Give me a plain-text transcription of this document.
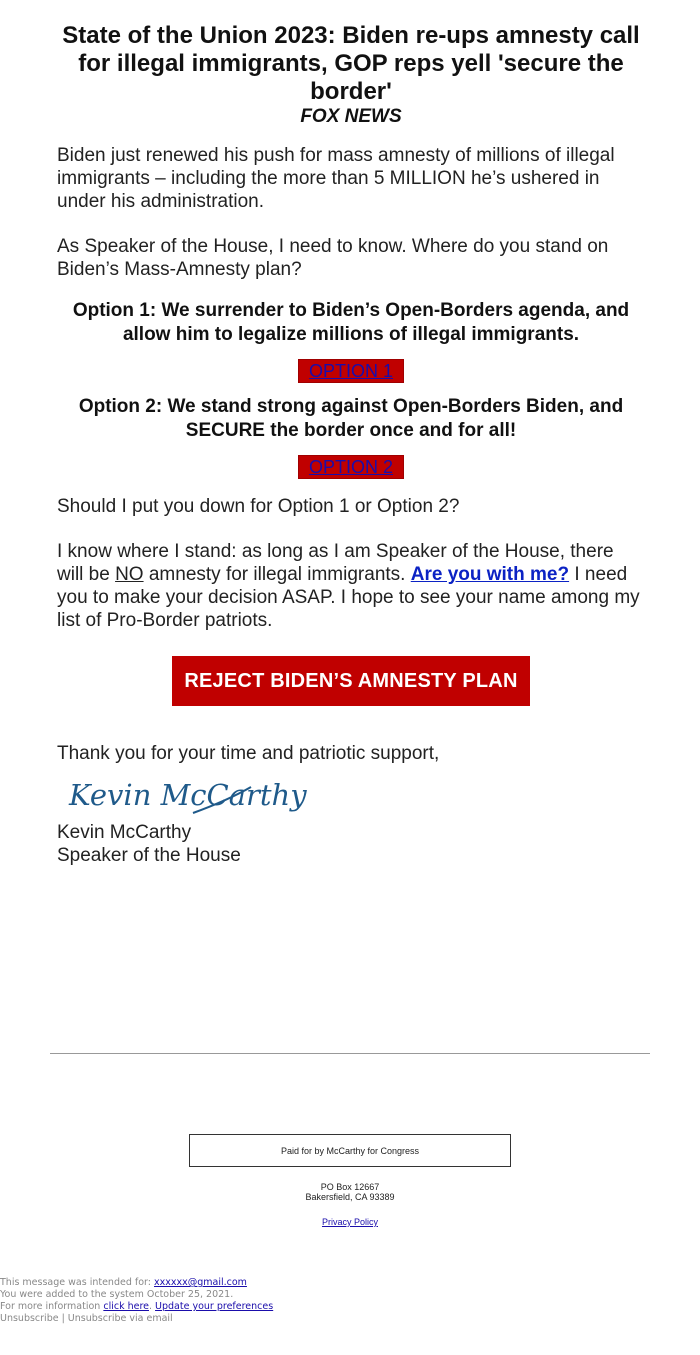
State of the Union 2023: Biden re-ups amnesty call for illegal immigrants, GOP reps yell 'secure the border'
FOX NEWS

Biden just renewed his push for mass amnesty of millions of illegal immigrants – including the more than 5 MILLION he’s ushered in under his administration.

As Speaker of the House, I need to know. Where do you stand on Biden’s Mass-Amnesty plan?

Option 1: We surrender to Biden’s Open-Borders agenda, and allow him to legalize millions of illegal immigrants.
OPTION 1
Option 2: We stand strong against Open-Borders Biden, and SECURE the border once and for all!
OPTION 2

Should I put you down for Option 1 or Option 2?

I know where I stand: as long as I am Speaker of the House, there will be NO amnesty for illegal immigrants. Are you with me? I need you to make your decision ASAP. I hope to see your name among my list of Pro-Border patriots.

REJECT BIDEN’S AMNESTY PLAN

Thank you for your time and patriotic support,

Kevin McCarthy

Kevin McCarthy

Speaker of the House

Paid for by McCarthy for Congress
PO Box 12667
Bakersfield, CA 93389
Privacy Policy
This message was intended for: xxxxxx@gmail.com
You were added to the system October 25, 2021.
For more information click here. Update your preferences
Unsubscribe | Unsubscribe via email
